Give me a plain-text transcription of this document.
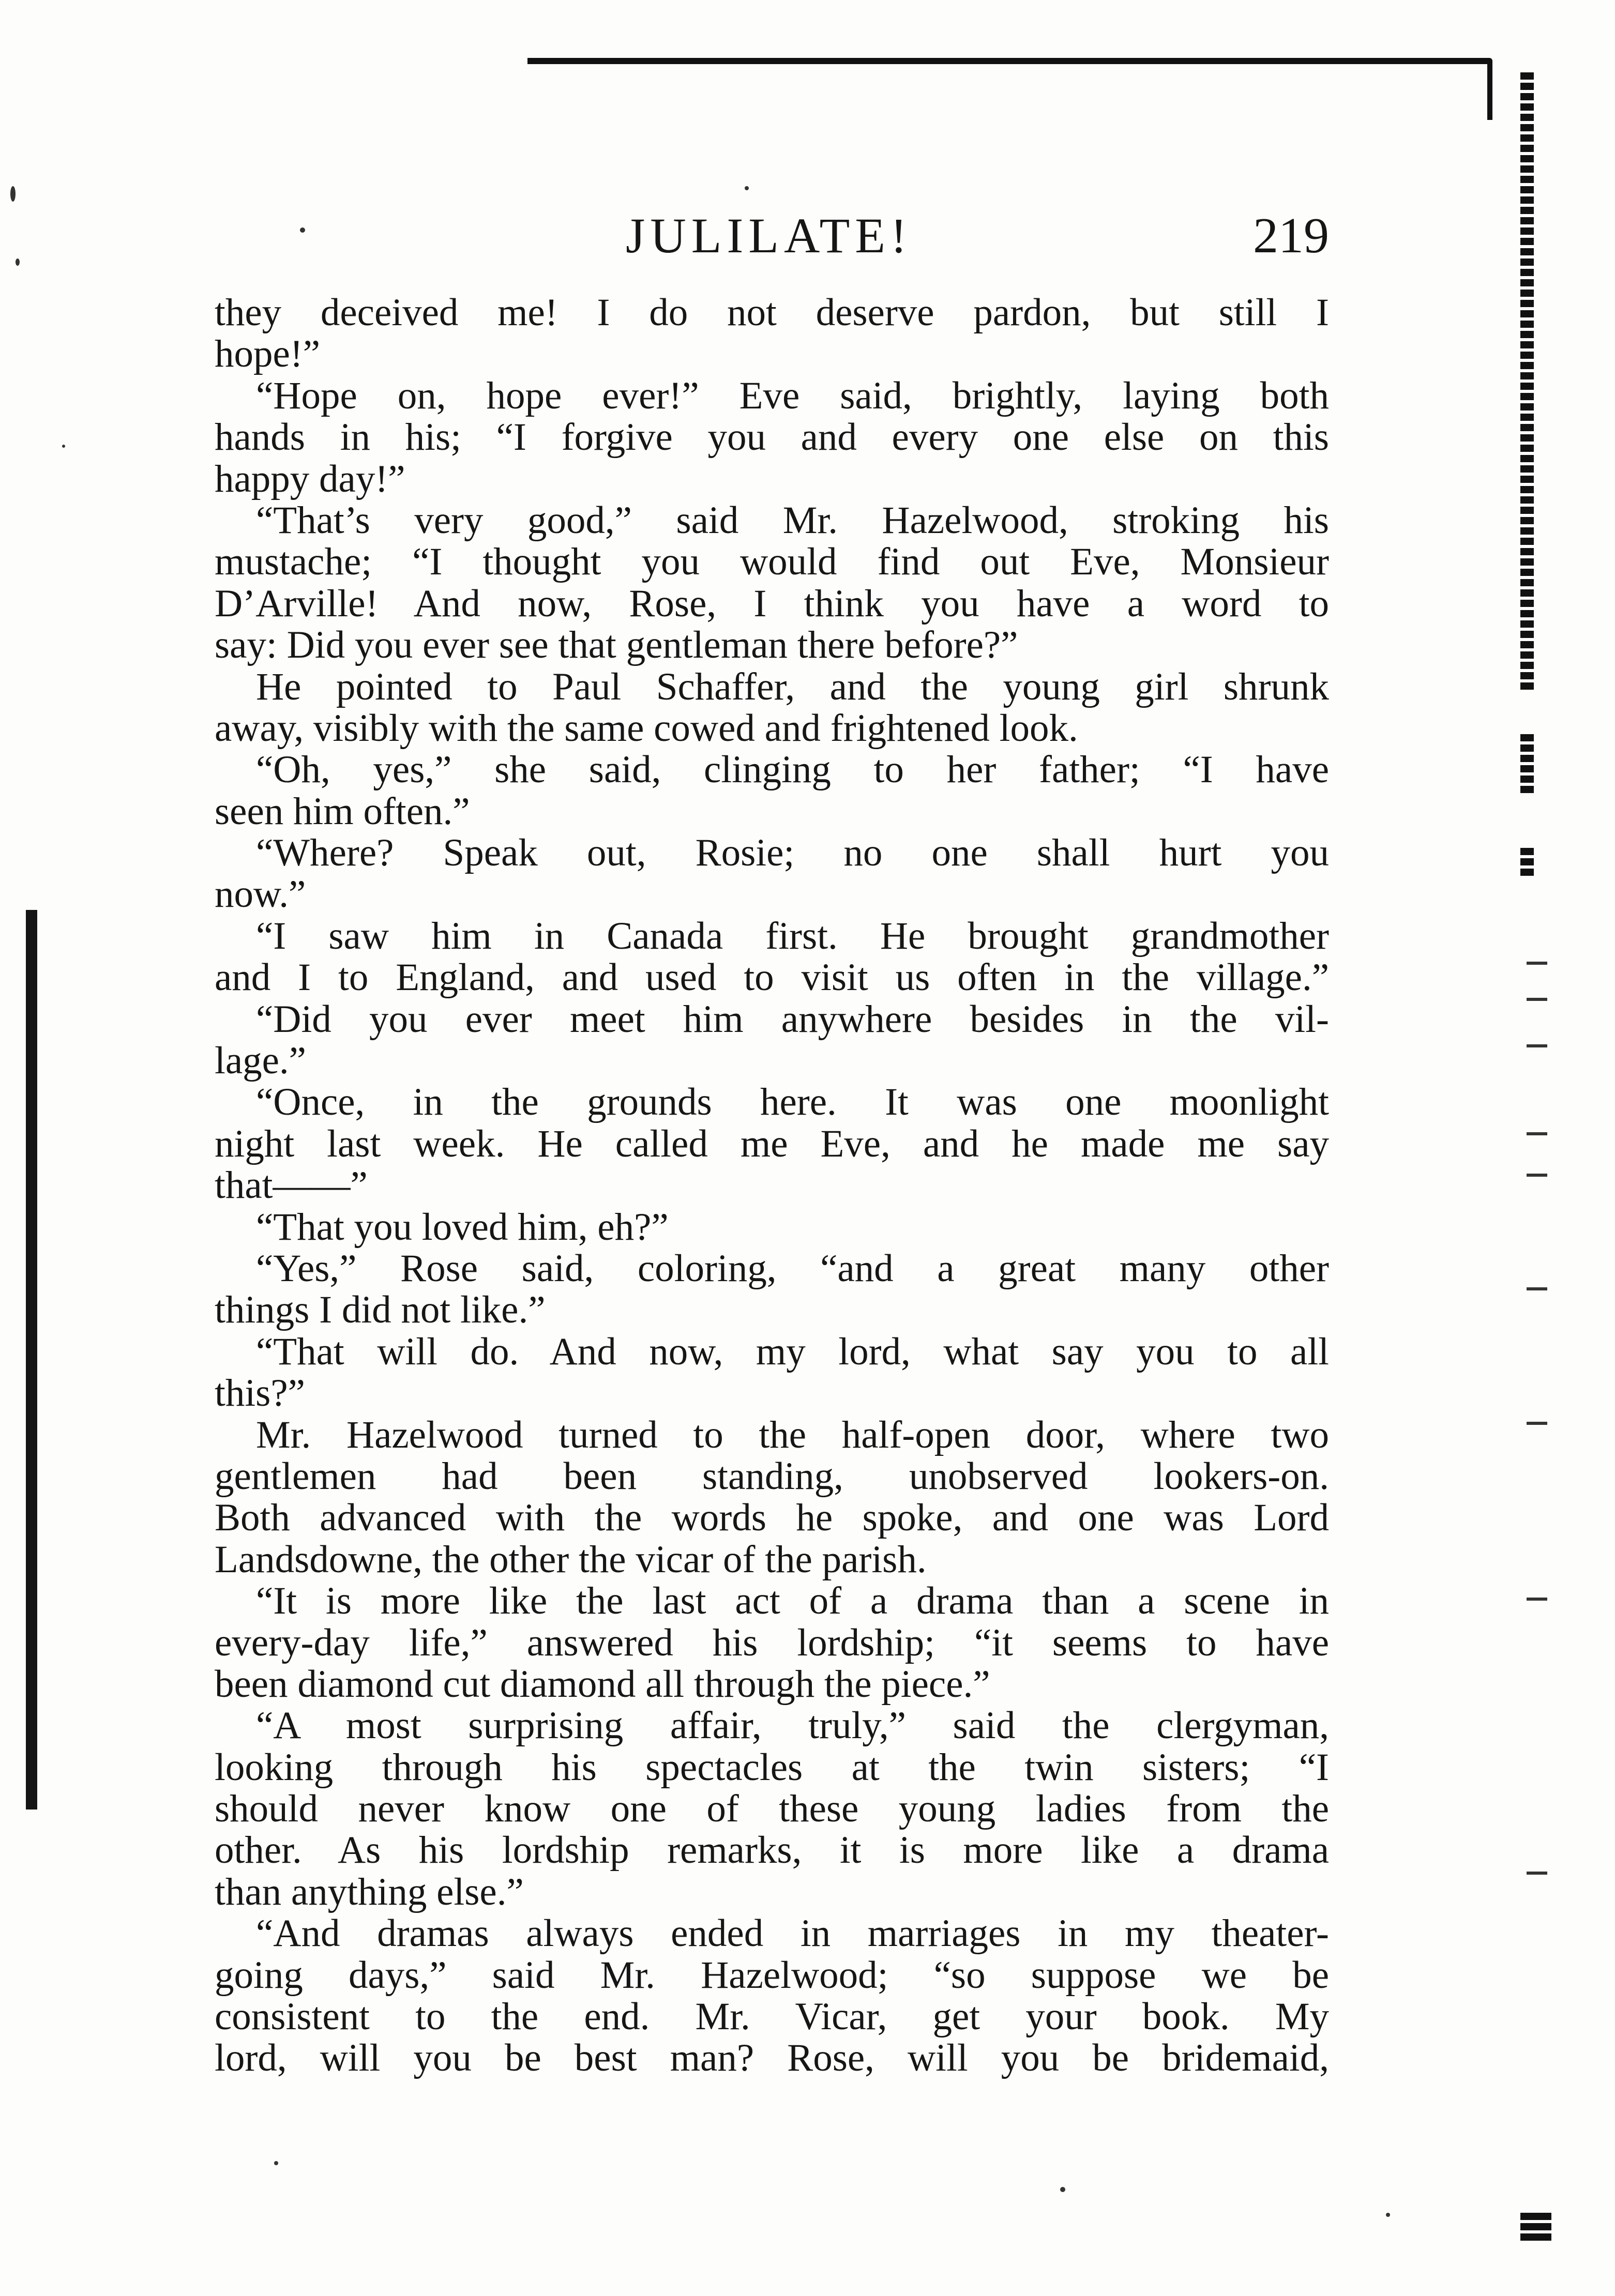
JULILATE!	219
they deceived me! I do not deserve pardon, but still I
hope!”
“Hope on, hope ever!” Eve said, brightly, laying both
hands in his; “I forgive you and every one else on this
happy day!”
“That’s very good,” said Mr. Hazelwood, stroking his
mustache; “I thought you would find out Eve, Monsieur
D’Arville! And now, Rose, I think you have a word to
say: Did you ever see that gentleman there before?”
He pointed to Paul Schaffer, and the young girl shrunk
away, visibly with the same cowed and frightened look.
“Oh, yes,” she said, clinging to her father; “I have
seen him often.”
“Where? Speak out, Rosie; no one shall hurt you
now.”
“I saw him in Canada first. He brought grandmother
and I to England, and used to visit us often in the village.”
“Did you ever meet him anywhere besides in the vil-
lage.”
“Once, in the grounds here. It was one moonlight
night last week. He called me Eve, and he made me say
that——”
“That you loved him, eh?”
“Yes,” Rose said, coloring, “and a great many other
things I did not like.”
“That will do. And now, my lord, what say you to all
this?”
Mr. Hazelwood turned to the half-open door, where two
gentlemen had been standing, unobserved lookers-on.
Both advanced with the words he spoke, and one was Lord
Landsdowne, the other the vicar of the parish.
“It is more like the last act of a drama than a scene in
every-day life,” answered his lordship; “it seems to have
been diamond cut diamond all through the piece.”
“A most surprising affair, truly,” said the clergyman,
looking through his spectacles at the twin sisters; “I
should never know one of these young ladies from the
other. As his lordship remarks, it is more like a drama
than anything else.”
“And dramas always ended in marriages in my theater-
going days,” said Mr. Hazelwood; “so suppose we be
consistent to the end. Mr. Vicar, get your book. My
lord, will you be best man? Rose, will you be bridemaid,
